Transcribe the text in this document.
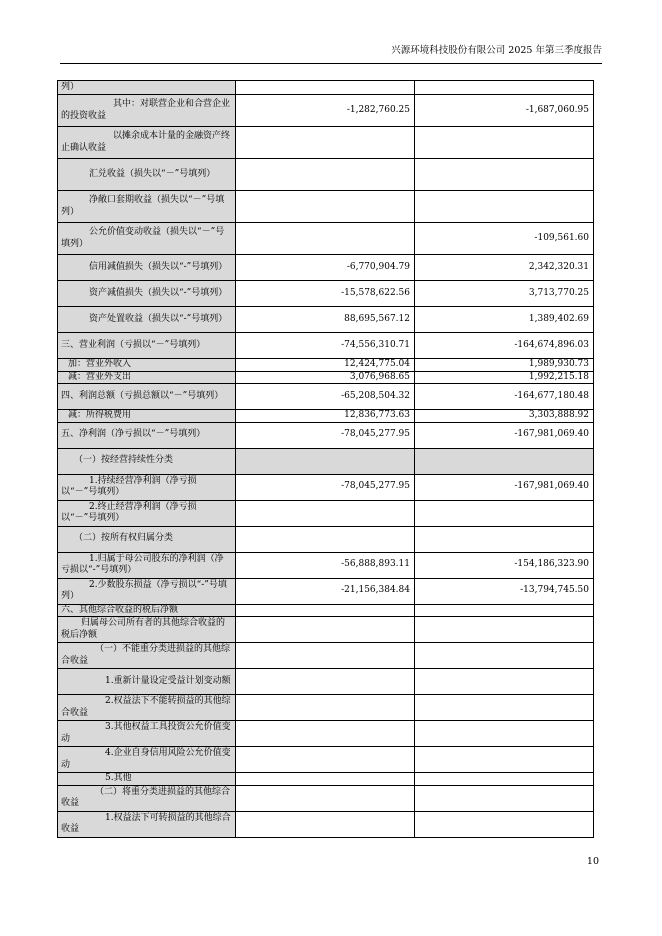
兴源环境科技股份有限公司 2025 年第三季度报告
列）		
其中：对联营企业和合营企业的投资收益	-1,282,760.25	-1,687,060.95
以摊余成本计量的金融资产终止确认收益		
汇兑收益（损失以“－”号填列）		
净敞口套期收益（损失以“－”号填列）		
公允价值变动收益（损失以“－”号填列）		-109,561.60
信用减值损失（损失以“-”号填列）	-6,770,904.79	2,342,320.31
资产减值损失（损失以“-”号填列）	-15,578,622.56	3,713,770.25
资产处置收益（损失以“-”号填列）	88,695,567.12	1,389,402.69
三、营业利润（亏损以“－”号填列）	-74,556,310.71	-164,674,896.03
加：营业外收入	12,424,775.04	1,989,930.73
减：营业外支出	3,076,968.65	1,992,215.18
四、利润总额（亏损总额以“－”号填列）	-65,208,504.32	-164,677,180.48
减：所得税费用	12,836,773.63	3,303,888.92
五、净利润（净亏损以“－”号填列）	-78,045,277.95	-167,981,069.40
（一）按经营持续性分类		
1.持续经营净利润（净亏损以“－”号填列）	-78,045,277.95	-167,981,069.40
2.终止经营净利润（净亏损以“－”号填列）		
（二）按所有权归属分类		
1.归属于母公司股东的净利润（净亏损以“-”号填列）	-56,888,893.11	-154,186,323.90
2.少数股东损益（净亏损以“-”号填列）	-21,156,384.84	-13,794,745.50
六、其他综合收益的税后净额		
归属母公司所有者的其他综合收益的税后净额		
（一）不能重分类进损益的其他综合收益		
1.重新计量设定受益计划变动额		
2.权益法下不能转损益的其他综合收益		
3.其他权益工具投资公允价值变动		
4.企业自身信用风险公允价值变动		
5.其他		
（二）将重分类进损益的其他综合收益		
1.权益法下可转损益的其他综合收益		
10
